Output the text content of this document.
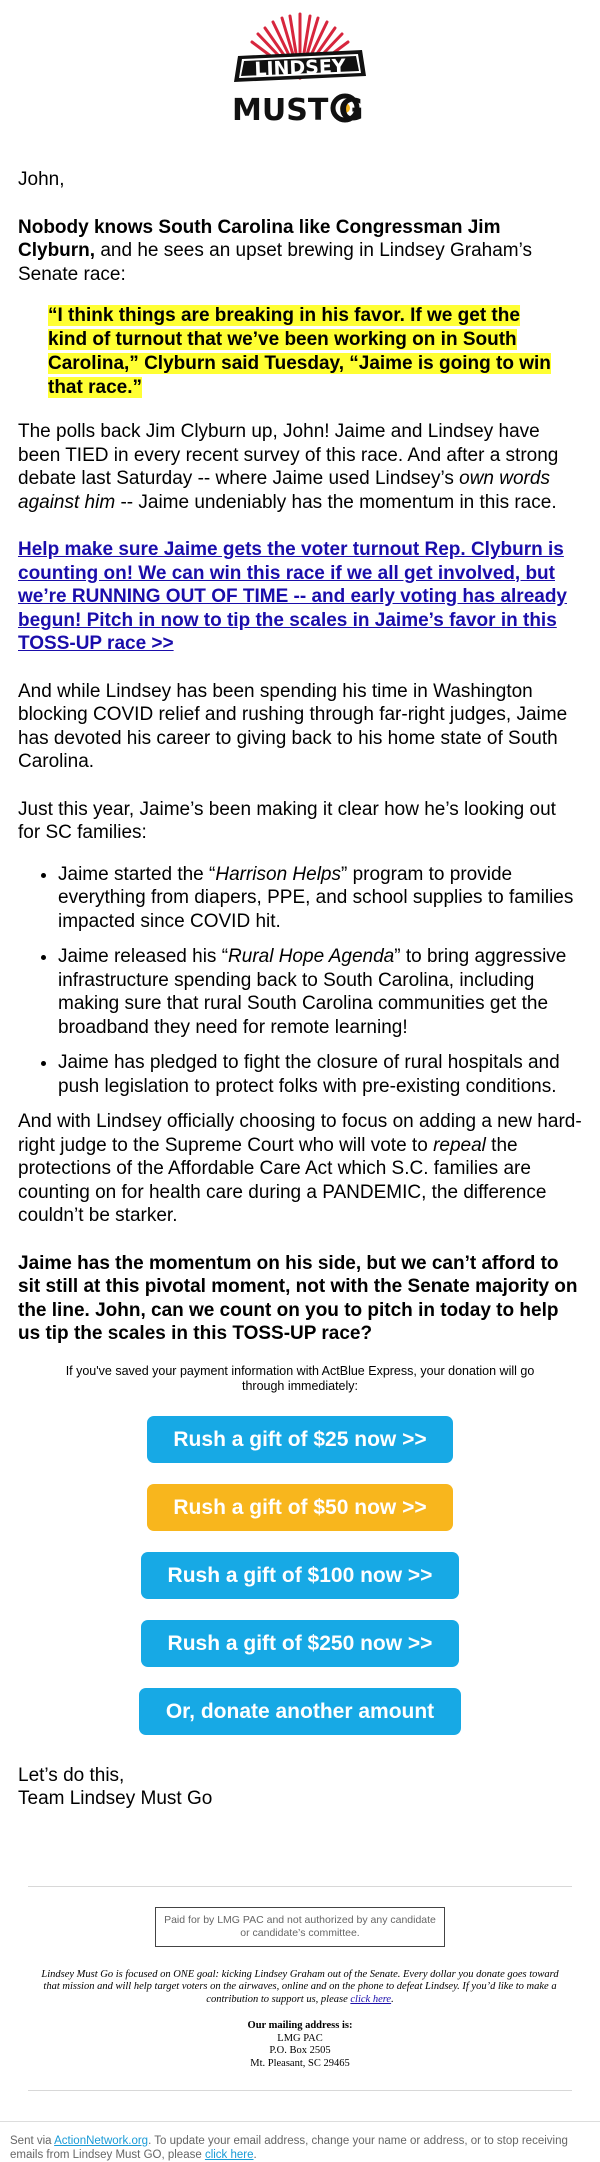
LINDSEY
MUST G

John,

Nobody knows South Carolina like Congressman Jim Clyburn, and he sees an upset brewing in Lindsey Graham’s Senate race:

“I think things are breaking in his favor. If we get the kind of turnout that we’ve been working on in South Carolina,” Clyburn said Tuesday, “Jaime is going to win that race.”

The polls back Jim Clyburn up, John! Jaime and Lindsey have been TIED in every recent survey of this race. And after a strong debate last Saturday -- where Jaime used Lindsey’s own words against him -- Jaime undeniably has the momentum in this race.

Help make sure Jaime gets the voter turnout Rep. Clyburn is counting on! We can win this race if we all get involved, but we’re RUNNING OUT OF TIME -- and early voting has already begun! Pitch in now to tip the scales in Jaime’s favor in this TOSS-UP race >>

And while Lindsey has been spending his time in Washington blocking COVID relief and rushing through far-right judges, Jaime has devoted his career to giving back to his home state of South Carolina.

Just this year, Jaime’s been making it clear how he’s looking out for SC families:

• Jaime started the “Harrison Helps” program to provide everything from diapers, PPE, and school supplies to families impacted since COVID hit.
• Jaime released his “Rural Hope Agenda” to bring aggressive infrastructure spending back to South Carolina, including making sure that rural South Carolina communities get the broadband they need for remote learning!
• Jaime has pledged to fight the closure of rural hospitals and push legislation to protect folks with pre-existing conditions.

And with Lindsey officially choosing to focus on adding a new hard-right judge to the Supreme Court who will vote to repeal the protections of the Affordable Care Act which S.C. families are counting on for health care during a PANDEMIC, the difference couldn’t be starker.

Jaime has the momentum on his side, but we can’t afford to sit still at this pivotal moment, not with the Senate majority on the line. John, can we count on you to pitch in today to help us tip the scales in this TOSS-UP race?

If you've saved your payment information with ActBlue Express, your donation will go through immediately:

Rush a gift of $25 now >>
Rush a gift of $50 now >>
Rush a gift of $100 now >>
Rush a gift of $250 now >>
Or, donate another amount

Let’s do this,
Team Lindsey Must Go

Paid for by LMG PAC and not authorized by any candidate or candidate’s committee.

Lindsey Must Go is focused on ONE goal: kicking Lindsey Graham out of the Senate. Every dollar you donate goes toward that mission and will help target voters on the airwaves, online and on the phone to defeat Lindsey. If you’d like to make a contribution to support us, please click here.

Our mailing address is:
LMG PAC
P.O. Box 2505
Mt. Pleasant, SC 29465
Sent via ActionNetwork.org. To update your email address, change your name or address, or to stop receiving emails from Lindsey Must GO, please click here.
